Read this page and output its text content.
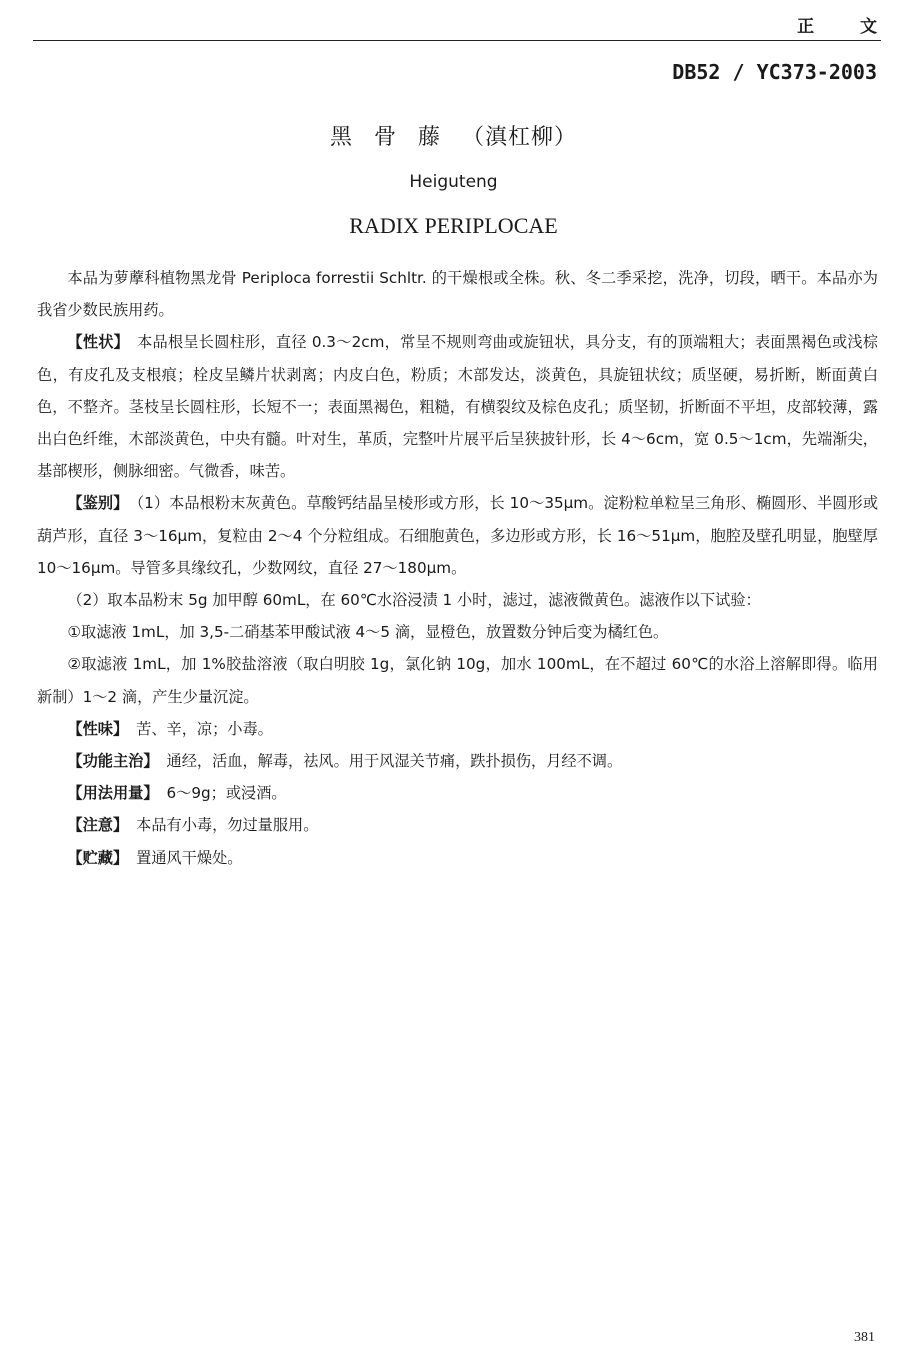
正 文
DB52 / YC373-2003
黑骨藤（滇杠柳）
Heiguteng
RADIX PERIPLOCAE

本品为萝藦科植物黑龙骨 Periploca forrestii Schltr. 的干燥根或全株。秋、冬二季采挖，洗净，切段，晒干。本品亦为我省少数民族用药。

【性状】 本品根呈长圆柱形，直径 0.3～2cm，常呈不规则弯曲或旋钮状，具分支，有的顶端粗大；表面黑褐色或浅棕色，有皮孔及支根痕；栓皮呈鳞片状剥离；内皮白色，粉质；木部发达，淡黄色，具旋钮状纹；质坚硬，易折断，断面黄白色，不整齐。茎枝呈长圆柱形，长短不一；表面黑褐色，粗糙，有横裂纹及棕色皮孔；质坚韧，折断面不平坦，皮部较薄，露出白色纤维，木部淡黄色，中央有髓。叶对生，革质，完整叶片展平后呈狭披针形，长 4～6cm，宽 0.5～1cm，先端渐尖，基部楔形，侧脉细密。气微香，味苦。

【鉴别】 （1）本品根粉末灰黄色。草酸钙结晶呈棱形或方形，长 10～35μm。淀粉粒单粒呈三角形、椭圆形、半圆形或葫芦形，直径 3～16μm，复粒由 2～4 个分粒组成。石细胞黄色，多边形或方形，长 16～51μm，胞腔及壁孔明显，胞壁厚 10～16μm。导管多具缘纹孔，少数网纹，直径 27～180μm。

（2）取本品粉末 5g 加甲醇 60mL，在 60℃水浴浸渍 1 小时，滤过，滤液微黄色。滤液作以下试验：

①取滤液 1mL，加 3,5-二硝基苯甲酸试液 4～5 滴，显橙色，放置数分钟后变为橘红色。

②取滤液 1mL，加 1%胶盐溶液（取白明胶 1g，氯化钠 10g，加水 100mL，在不超过 60℃的水浴上溶解即得。临用新制）1～2 滴，产生少量沉淀。

【性味】 苦、辛，凉；小毒。

【功能主治】 通经，活血，解毒，祛风。用于风湿关节痛，跌扑损伤，月经不调。

【用法用量】 6～9g；或浸酒。

【注意】 本品有小毒，勿过量服用。

【贮藏】 置通风干燥处。

381
